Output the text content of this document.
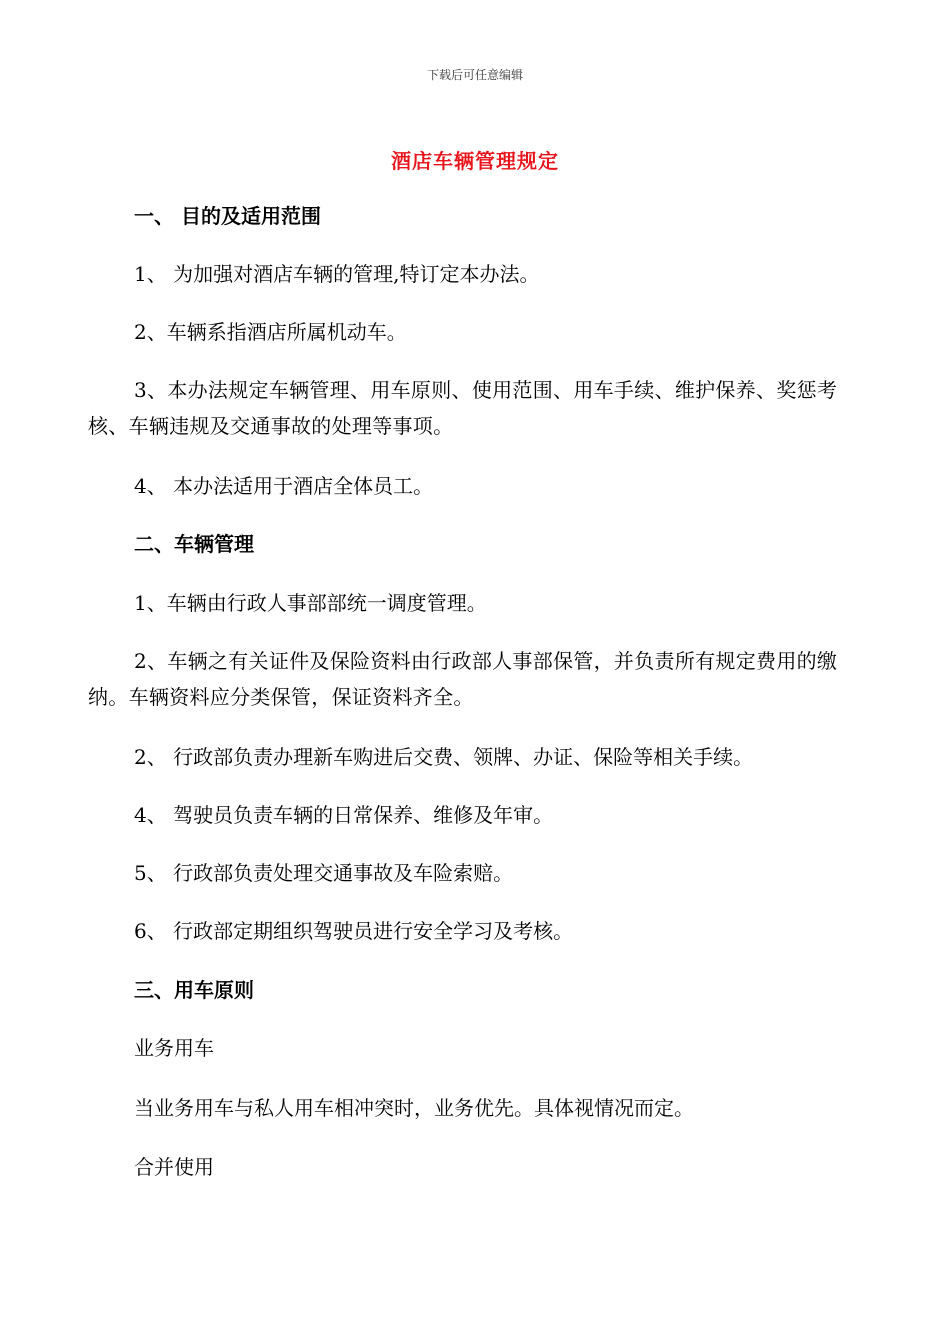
下载后可任意编辑
酒店车辆管理规定
一、 目的及适用范围
1、 为加强对酒店车辆的管理,特订定本办法。
2、车辆系指酒店所属机动车。
3、本办法规定车辆管理、用车原则、使用范围、用车手续、维护保养、奖惩考核、车辆违规及交通事故的处理等事项。
4、 本办法适用于酒店全体员工。
二、车辆管理
1、车辆由行政人事部部统一调度管理。
2、车辆之有关证件及保险资料由行政部人事部保管，并负责所有规定费用的缴纳。车辆资料应分类保管，保证资料齐全。
2、 行政部负责办理新车购进后交费、领牌、办证、保险等相关手续。
4、 驾驶员负责车辆的日常保养、维修及年审。
5、 行政部负责处理交通事故及车险索赔。
6、 行政部定期组织驾驶员进行安全学习及考核。
三、用车原则
业务用车
当业务用车与私人用车相冲突时，业务优先。具体视情况而定。
合并使用
